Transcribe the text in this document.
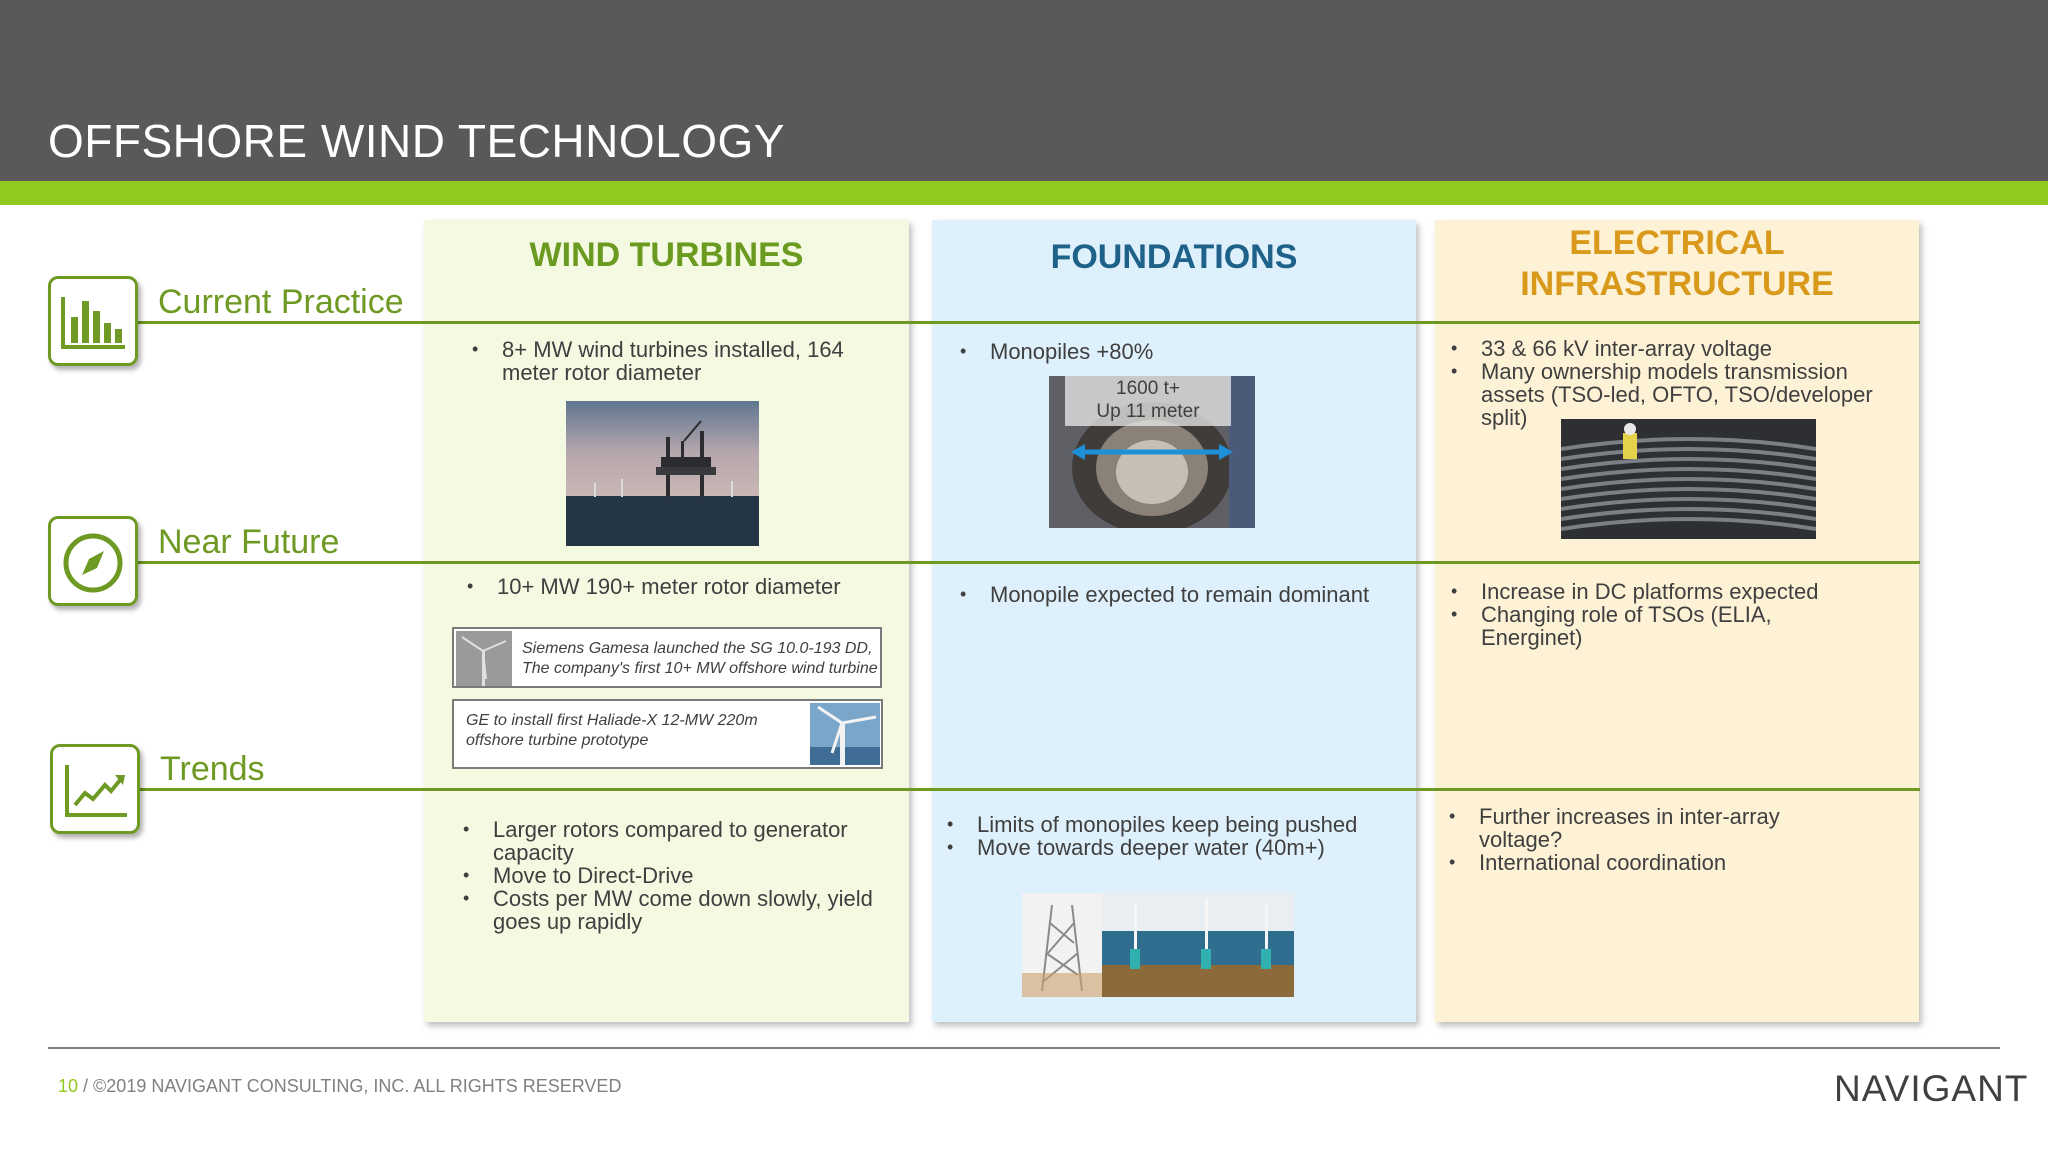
OFFSHORE WIND TECHNOLOGY
WIND TURBINES	FOUNDATIONS	ELECTRICAL
INFRASTRUCTURE
Current Practice
Near Future
Trends
• 8+ MW wind turbines installed, 164 meter rotor diameter
• Monopiles +80%
1600 t+
Up 11 meter
• 33 & 66 kV inter-array voltage
• Many ownership models transmission assets (TSO-led, OFTO, TSO/developer split)
• 10+ MW 190+ meter rotor diameter
Siemens Gamesa launched the SG 10.0-193 DD, The company's first 10+ MW offshore wind turbine
GE to install first Haliade-X 12-MW 220m offshore turbine prototype
• Monopile expected to remain dominant
•	Increase in DC platforms expected
• Changing role of TSOs (ELIA, Energinet)
• Larger rotors compared to generator capacity
• Move to Direct-Drive
• Costs per MW come down slowly, yield goes up rapidly
• Limits of monopiles keep being pushed
• Move towards deeper water (40m+)
• Further increases in inter-array voltage?
• International coordination
10 / ©2019 NAVIGANT CONSULTING, INC. ALL RIGHTS RESERVED	NAVIGANT
